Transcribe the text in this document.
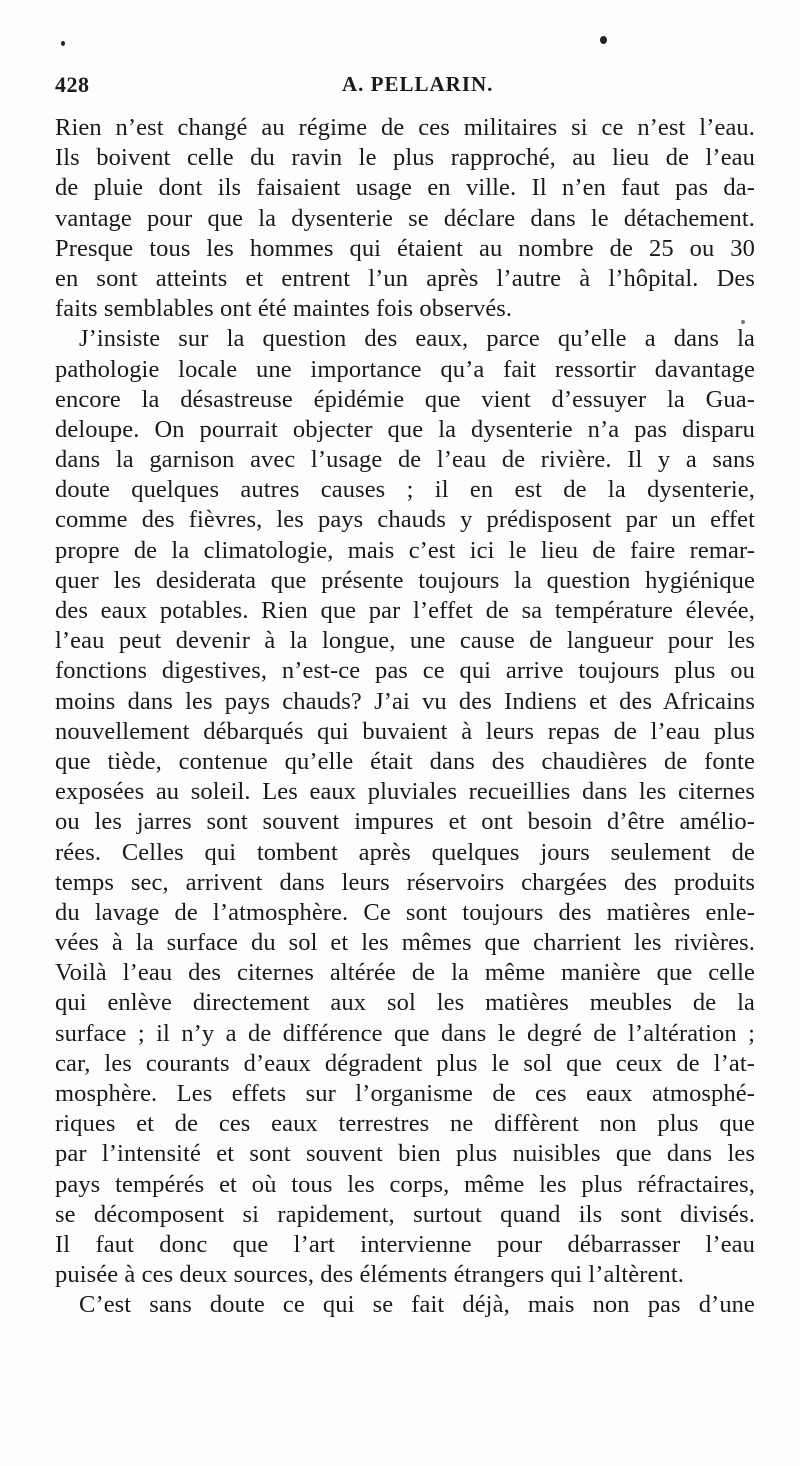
428	A. PELLARIN.
Rien n’est changé au régime de ces militaires si ce n’est l’eau.
Ils boivent celle du ravin le plus rapproché, au lieu de l’eau
de pluie dont ils faisaient usage en ville. Il n’en faut pas da-
vantage pour que la dysenterie se déclare dans le détachement.
Presque tous les hommes qui étaient au nombre de 25 ou 30
en sont atteints et entrent l’un après l’autre à l’hôpital. Des
faits semblables ont été maintes fois observés.
J’insiste sur la question des eaux, parce qu’elle a dans la
pathologie locale une importance qu’a fait ressortir davantage
encore la désastreuse épidémie que vient d’essuyer la Gua-
deloupe. On pourrait objecter que la dysenterie n’a pas disparu
dans la garnison avec l’usage de l’eau de rivière. Il y a sans
doute quelques autres causes ; il en est de la dysenterie,
comme des fièvres, les pays chauds y prédisposent par un effet
propre de la climatologie, mais c’est ici le lieu de faire remar-
quer les desiderata que présente toujours la question hygiénique
des eaux potables. Rien que par l’effet de sa température élevée,
l’eau peut devenir à la longue, une cause de langueur pour les
fonctions digestives, n’est-ce pas ce qui arrive toujours plus ou
moins dans les pays chauds? J’ai vu des Indiens et des Africains
nouvellement débarqués qui buvaient à leurs repas de l’eau plus
que tiède, contenue qu’elle était dans des chaudières de fonte
exposées au soleil. Les eaux pluviales recueillies dans les citernes
ou les jarres sont souvent impures et ont besoin d’être amélio-
rées. Celles qui tombent après quelques jours seulement de
temps sec, arrivent dans leurs réservoirs chargées des produits
du lavage de l’atmosphère. Ce sont toujours des matières enle-
vées à la surface du sol et les mêmes que charrient les rivières.
Voilà l’eau des citernes altérée de la même manière que celle
qui enlève directement aux sol les matières meubles de la
surface ; il n’y a de différence que dans le degré de l’altération ;
car, les courants d’eaux dégradent plus le sol que ceux de l’at-
mosphère. Les effets sur l’organisme de ces eaux atmosphé-
riques et de ces eaux terrestres ne diffèrent non plus que
par l’intensité et sont souvent bien plus nuisibles que dans les
pays tempérés et où tous les corps, même les plus réfractaires,
se décomposent si rapidement, surtout quand ils sont divisés.
Il faut donc que l’art intervienne pour débarrasser l’eau
puisée à ces deux sources, des éléments étrangers qui l’altèrent.
C’est sans doute ce qui se fait déjà, mais non pas d’une
